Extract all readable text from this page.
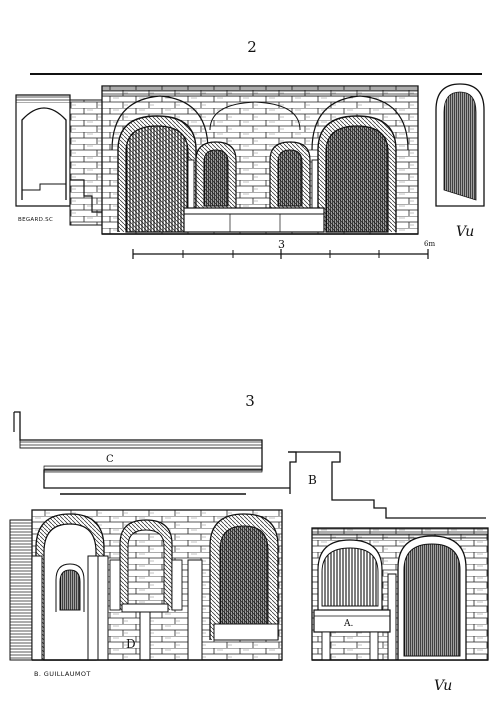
2
BEGARD.SC
3	6m
Vu
3
C
B
D
A.
B. GUILLAUMOT
Vu
